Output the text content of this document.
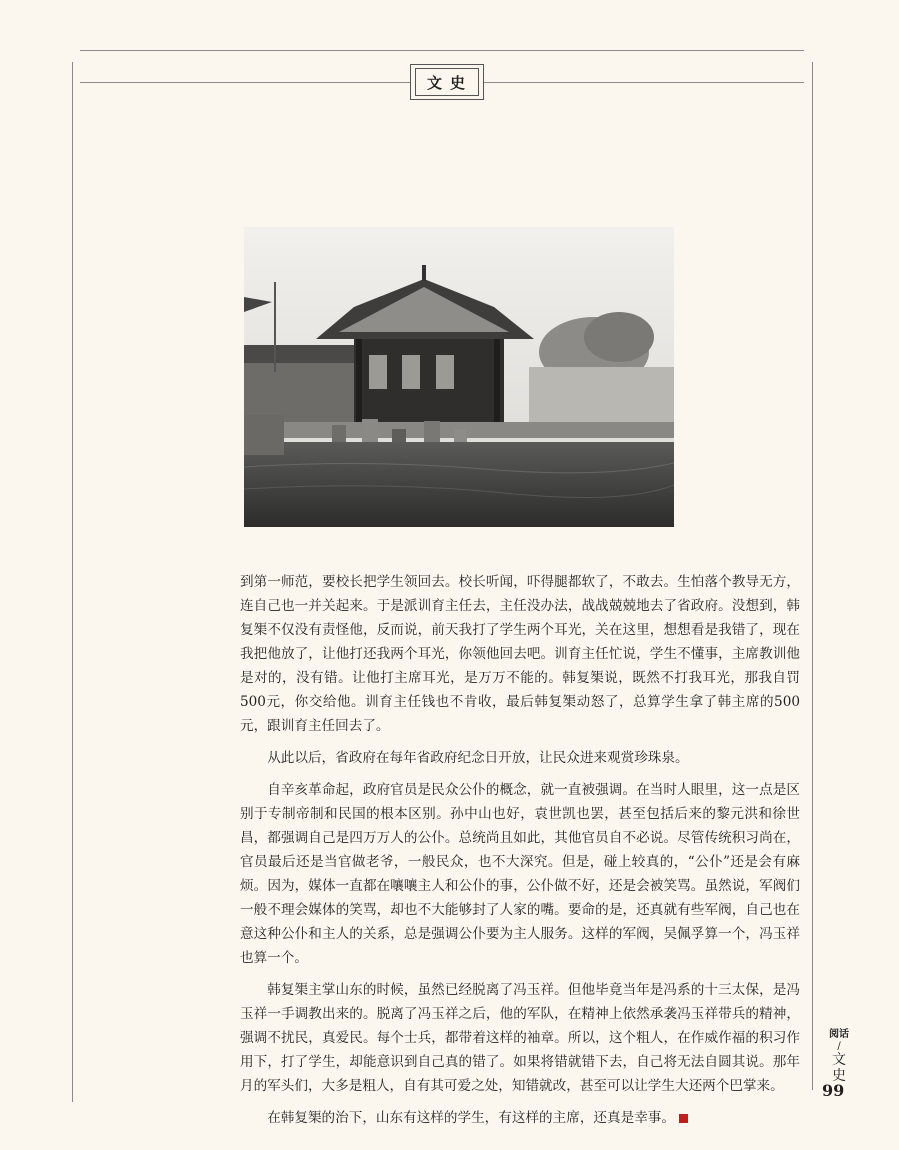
文史

到第一师范，要校长把学生领回去。校长听闻，吓得腿都软了，不敢去。生怕落个教导无方，连自己也一并关起来。于是派训育主任去，主任没办法，战战兢兢地去了省政府。没想到，韩复榘不仅没有责怪他，反而说，前天我打了学生两个耳光，关在这里，想想看是我错了，现在我把他放了，让他打还我两个耳光，你领他回去吧。训育主任忙说，学生不懂事，主席教训他是对的，没有错。让他打主席耳光，是万万不能的。韩复榘说，既然不打我耳光，那我自罚500元，你交给他。训育主任钱也不肯收，最后韩复榘动怒了，总算学生拿了韩主席的500元，跟训育主任回去了。

从此以后，省政府在每年省政府纪念日开放，让民众进来观赏珍珠泉。

自辛亥革命起，政府官员是民众公仆的概念，就一直被强调。在当时人眼里，这一点是区别于专制帝制和民国的根本区别。孙中山也好，袁世凯也罢，甚至包括后来的黎元洪和徐世昌，都强调自己是四万万人的公仆。总统尚且如此，其他官员自不必说。尽管传统积习尚在，官员最后还是当官做老爷，一般民众，也不大深究。但是，碰上较真的，“公仆”还是会有麻烦。因为，媒体一直都在嚷嚷主人和公仆的事，公仆做不好，还是会被笑骂。虽然说，军阀们一般不理会媒体的笑骂，却也不大能够封了人家的嘴。要命的是，还真就有些军阀，自己也在意这种公仆和主人的关系，总是强调公仆要为主人服务。这样的军阀，吴佩孚算一个，冯玉祥也算一个。

韩复榘主掌山东的时候，虽然已经脱离了冯玉祥。但他毕竟当年是冯系的十三太保，是冯玉祥一手调教出来的。脱离了冯玉祥之后，他的军队，在精神上依然承袭冯玉祥带兵的精神，强调不扰民，真爱民。每个士兵，都带着这样的袖章。所以，这个粗人，在作威作福的积习作用下，打了学生，却能意识到自己真的错了。如果将错就错下去，自己将无法自圆其说。那年月的军头们，大多是粗人，自有其可爱之处，知错就改，甚至可以让学生大还两个巴掌来。

在韩复榘的治下，山东有这样的学生，有这样的主席，还真是幸事。

阅话
/
文史
99
